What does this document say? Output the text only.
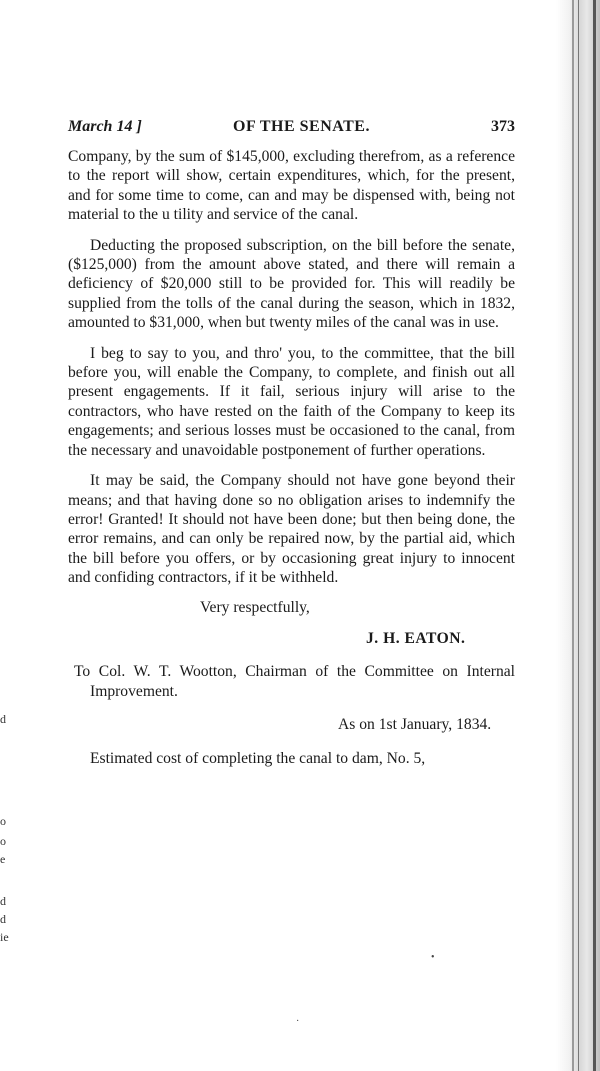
d
o
o
e
d
d
ie
March 14 ]	OF THE SENATE.	373

Company, by the sum of $145,000, excluding therefrom, as a reference to the report will show, certain expenditures, which, for the present, and for some time to come, can and may be dispensed with, being not material to the u tility and service of the canal.

Deducting the proposed subscription, on the bill before the senate, ($125,000) from the amount above stated, and there will remain a deficiency of $20,000 still to be provided for. This will readily be supplied from the tolls of the canal during the season, which in 1832, amounted to $31,000, when but twenty miles of the canal was in use.

I beg to say to you, and thro' you, to the committee, that the bill before you, will enable the Company, to complete, and finish out all present engagements. If it fail, serious injury will arise to the contractors, who have rested on the faith of the Company to keep its engagements; and serious losses must be occasioned to the canal, from the necessary and unavoidable postponement of further operations.

It may be said, the Company should not have gone beyond their means; and that having done so no obligation arises to indemnify the error! Granted! It should not have been done; but then being done, the error remains, and can only be repaired now, by the partial aid, which the bill before you offers, or by occasioning great injury to innocent and confiding contractors, if it be withheld.

Very respectfully,
J. H. EATON.
To Col. W. T. Wootton, Chairman of the Committee on Internal Improvement.
As on 1st January, 1834.
Estimated cost of completing the canal to dam, No. 5,
•
·
